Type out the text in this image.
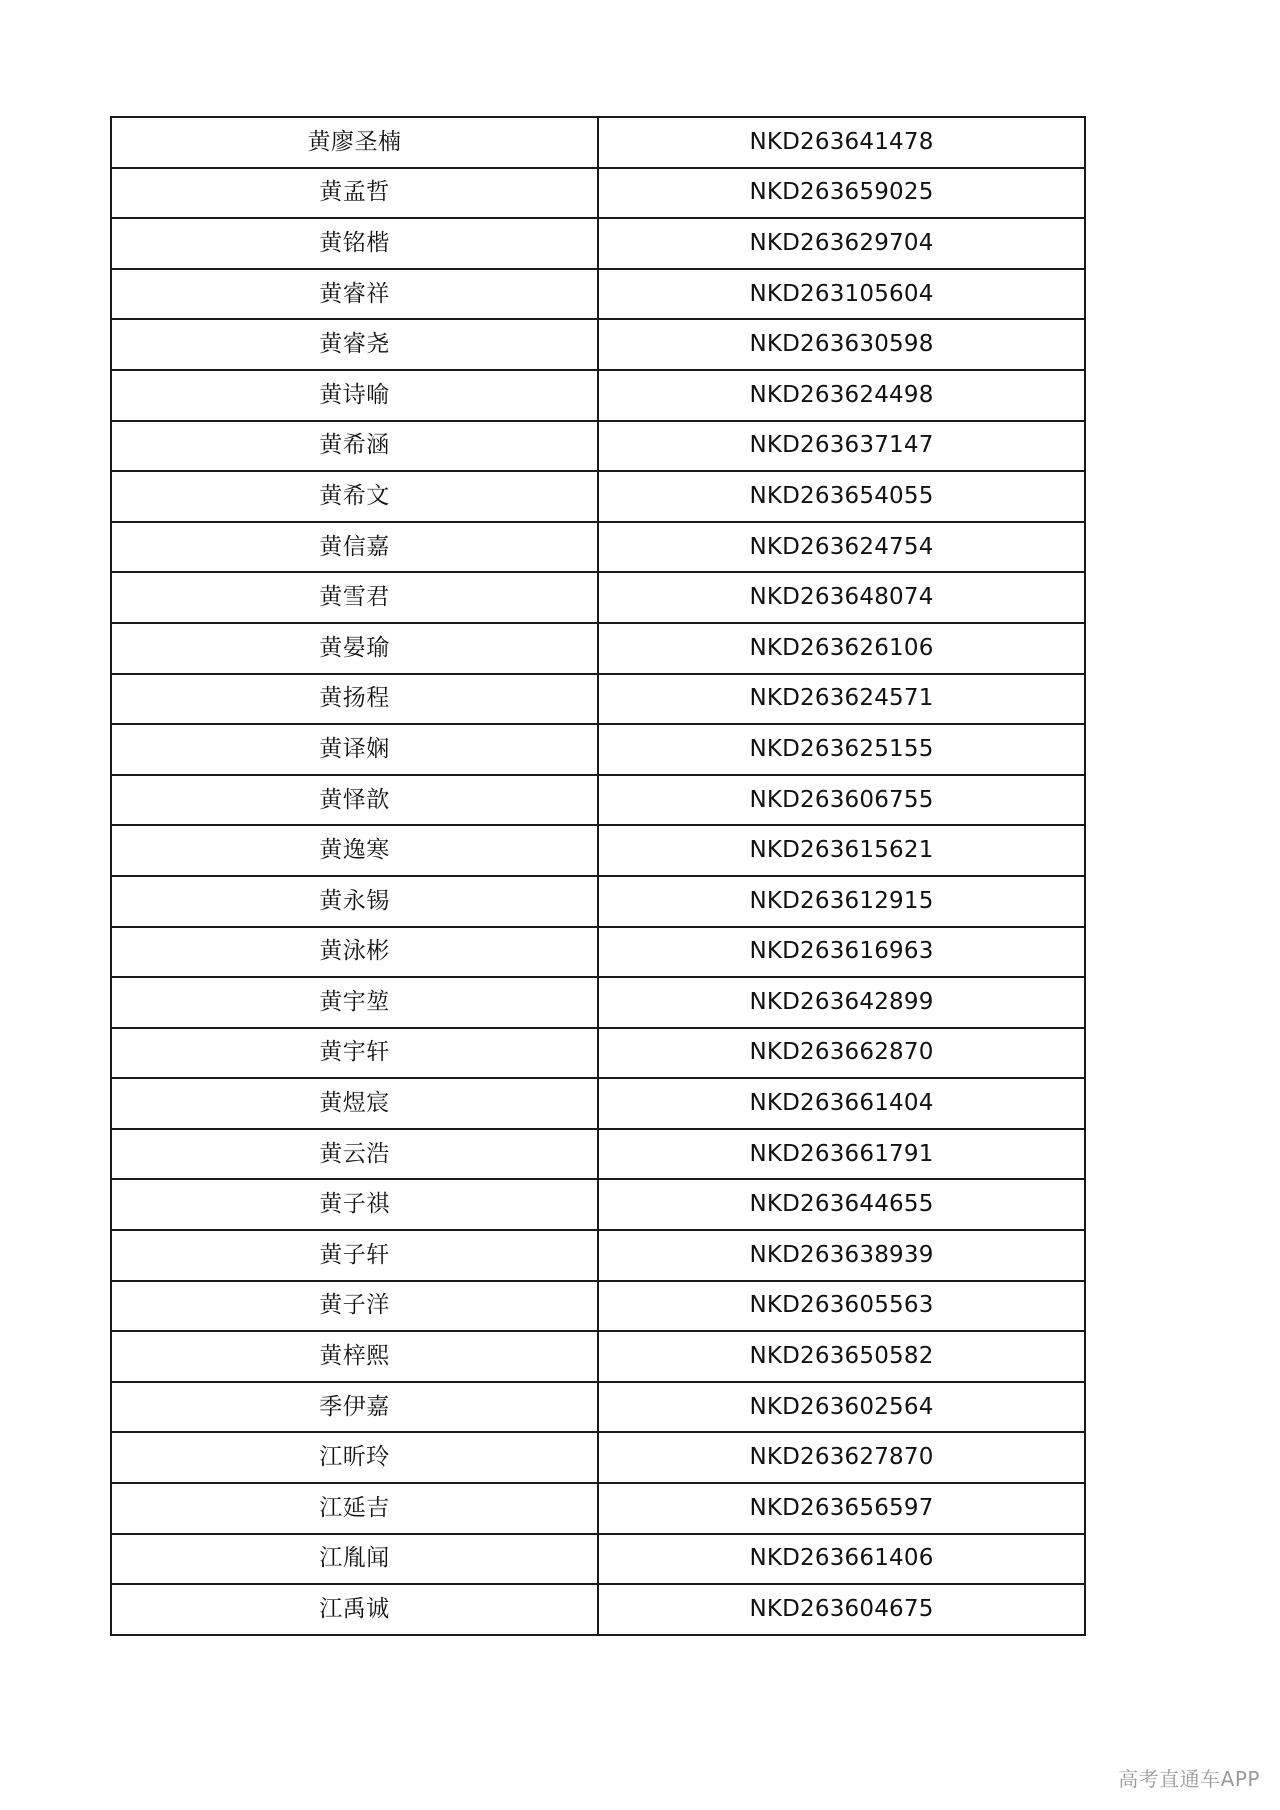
黄廖圣楠	NKD263641478
黄孟哲	NKD263659025
黄铭楷	NKD263629704
黄睿祥	NKD263105604
黄睿尧	NKD263630598
黄诗喻	NKD263624498
黄希涵	NKD263637147
黄希文	NKD263654055
黄信嘉	NKD263624754
黄雪君	NKD263648074
黄晏瑜	NKD263626106
黄扬程	NKD263624571
黄译娴	NKD263625155
黄怿歆	NKD263606755
黄逸寒	NKD263615621
黄永锡	NKD263612915
黄泳彬	NKD263616963
黄宇堃	NKD263642899
黄宇轩	NKD263662870
黄煜宸	NKD263661404
黄云浩	NKD263661791
黄子祺	NKD263644655
黄子轩	NKD263638939
黄子洋	NKD263605563
黄梓熙	NKD263650582
季伊嘉	NKD263602564
江昕玲	NKD263627870
江延吉	NKD263656597
江胤闻	NKD263661406
江禹诚	NKD263604675
高考直通车APP
